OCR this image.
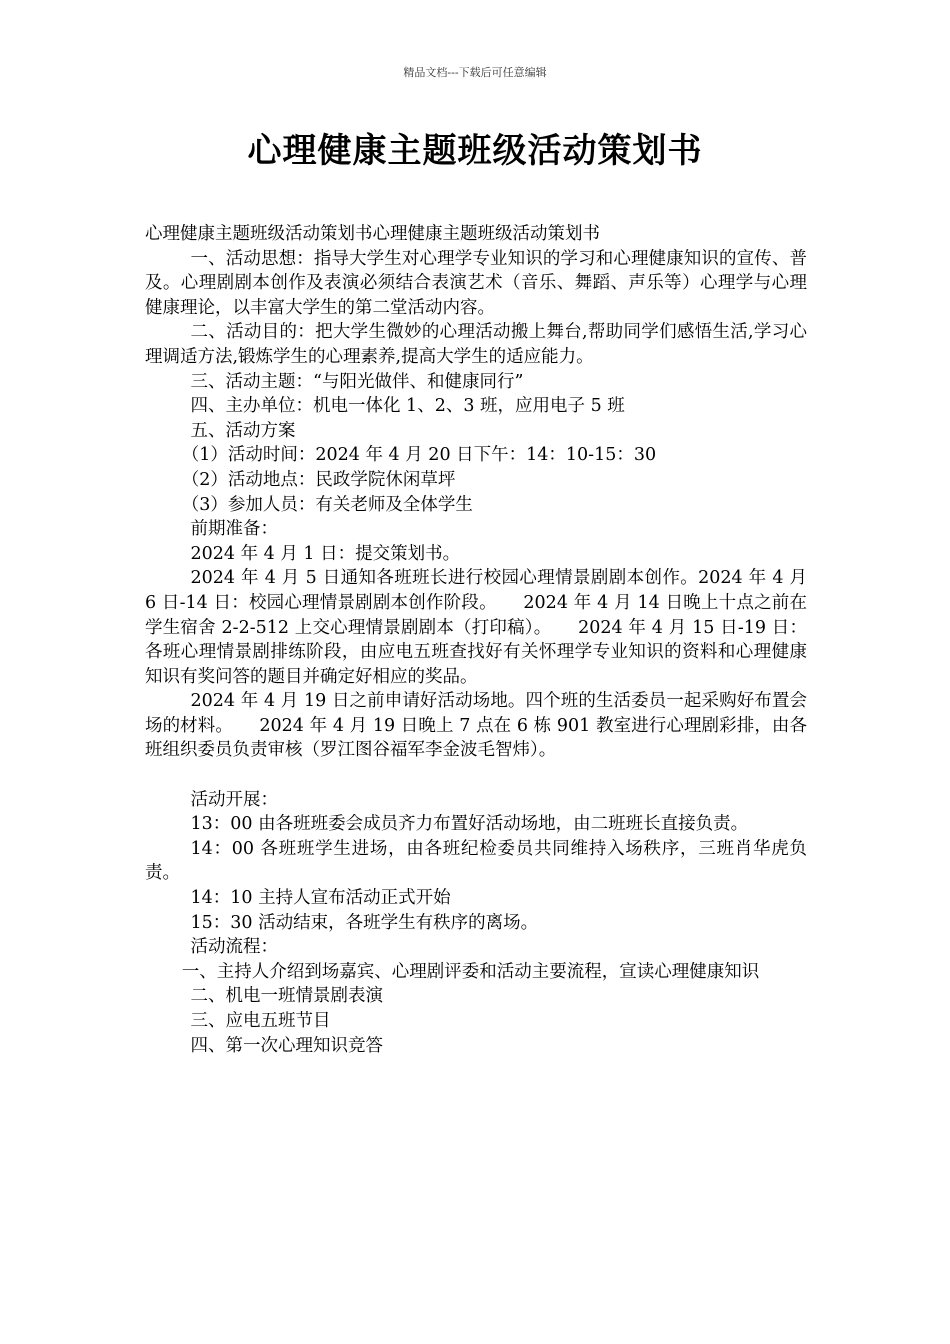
精品文档---下载后可任意编辑
心理健康主题班级活动策划书

心理健康主题班级活动策划书心理健康主题班级活动策划书

一、活动思想：指导大学生对心理学专业知识的学习和心理健康知识的宣传、普及。心理剧剧本创作及表演必须结合表演艺术（音乐、舞蹈、声乐等）心理学与心理健康理论，以丰富大学生的第二堂活动内容。

二、活动目的：把大学生微妙的心理活动搬上舞台,帮助同学们感悟生活,学习心理调适方法,锻炼学生的心理素养,提高大学生的适应能力。

三、活动主题：“与阳光做伴、和健康同行”

四、主办单位：机电一体化 1、2、3 班，应用电子 5 班

五、活动方案

（1）活动时间：2024 年 4 月 20 日下午：14：10-15：30

（2）活动地点：民政学院休闲草坪

（3）参加人员：有关老师及全体学生

前期准备：

2024 年 4 月 1 日：提交策划书。

2024 年 4 月 5 日通知各班班长进行校园心理情景剧剧本创作。2024 年 4 月 6 日-14 日：校园心理情景剧剧本创作阶段。　　2024 年 4 月 14 日晚上十点之前在学生宿舍 2-2-512 上交心理情景剧剧本（打印稿）。　　2024 年 4 月 15 日-19 日：各班心理情景剧排练阶段，由应电五班查找好有关怀理学专业知识的资料和心理健康知识有奖问答的题目并确定好相应的奖品。

2024 年 4 月 19 日之前申请好活动场地。四个班的生活委员一起采购好布置会场的材料。　　2024 年 4 月 19 日晚上 7 点在 6 栋 901 教室进行心理剧彩排，由各班组织委员负责审核（罗江图谷福军李金波毛智炜）。

活动开展：

13：00 由各班班委会成员齐力布置好活动场地，由二班班长直接负责。

14：00 各班班学生进场，由各班纪检委员共同维持入场秩序，三班肖华虎负责。

14：10 主持人宣布活动正式开始

15：30 活动结束，各班学生有秩序的离场。

活动流程：

一、主持人介绍到场嘉宾、心理剧评委和活动主要流程，宣读心理健康知识

二、机电一班情景剧表演

三、应电五班节目

四、第一次心理知识竞答
